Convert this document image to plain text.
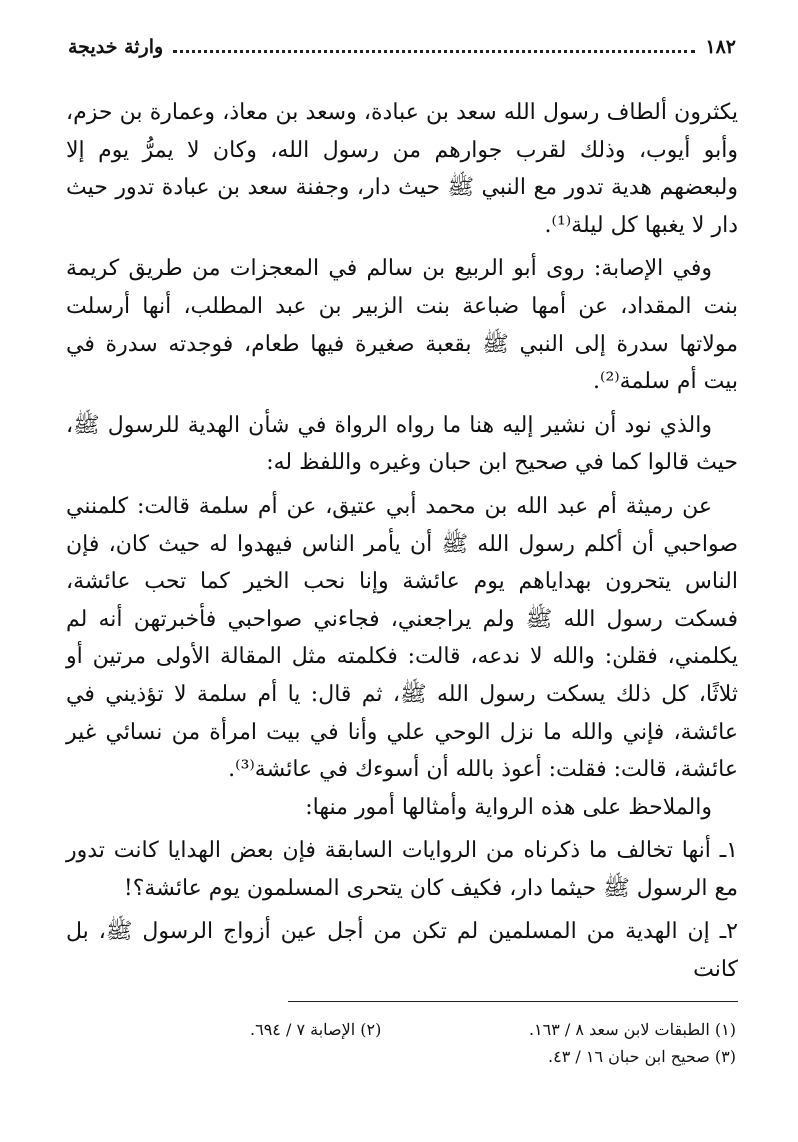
وارثة خديجة	١٨٢

يكثرون ألطاف رسول الله سعد بن عبادة، وسعد بن معاذ، وعمارة بن حزم، وأبو أيوب، وذلك لقرب جوارهم من رسول الله، وكان لا يمرُّ يوم إلا ولبعضهم هدية تدور مع النبي ﷺ حيث دار، وجفنة سعد بن عبادة تدور حيث دار لا يغبها كل ليلة⁽¹⁾.

وفي الإصابة: روى أبو الربيع بن سالم في المعجزات من طريق كريمة بنت المقداد، عن أمها ضباعة بنت الزبير بن عبد المطلب، أنها أرسلت مولاتها سدرة إلى النبي ﷺ بقعبة صغيرة فيها طعام، فوجدته سدرة في بيت أم سلمة⁽²⁾.

والذي نود أن نشير إليه هنا ما رواه الرواة في شأن الهدية للرسول ﷺ، حيث قالوا كما في صحيح ابن حبان وغيره واللفظ له:

عن رميثة أم عبد الله بن محمد أبي عتيق، عن أم سلمة قالت: كلمنني صواحبي أن أكلم رسول الله ﷺ أن يأمر الناس فيهدوا له حيث كان، فإن الناس يتحرون بهداياهم يوم عائشة وإنا نحب الخير كما تحب عائشة، فسكت رسول الله ﷺ ولم يراجعني، فجاءني صواحبي فأخبرتهن أنه لم يكلمني، فقلن: والله لا ندعه، قالت: فكلمته مثل المقالة الأولى مرتين أو ثلاثًا، كل ذلك يسكت رسول الله ﷺ، ثم قال: يا أم سلمة لا تؤذيني في عائشة، فإني والله ما نزل الوحي علي وأنا في بيت امرأة من نسائي غير عائشة، قالت: فقلت: أعوذ بالله أن أسوءك في عائشة⁽³⁾.

والملاحظ على هذه الرواية وأمثالها أمور منها:

١ـ أنها تخالف ما ذكرناه من الروايات السابقة فإن بعض الهدايا كانت تدور مع الرسول ﷺ حيثما دار، فكيف كان يتحرى المسلمون يوم عائشة؟!

٢ـ إن الهدية من المسلمين لم تكن من أجل عين أزواج الرسول ﷺ، بل كانت

(١) الطبقات لابن سعد ٨ / ١٦٣.
(٢) الإصابة ٧ / ٦٩٤.
(٣) صحيح ابن حبان ١٦ / ٤٣.
